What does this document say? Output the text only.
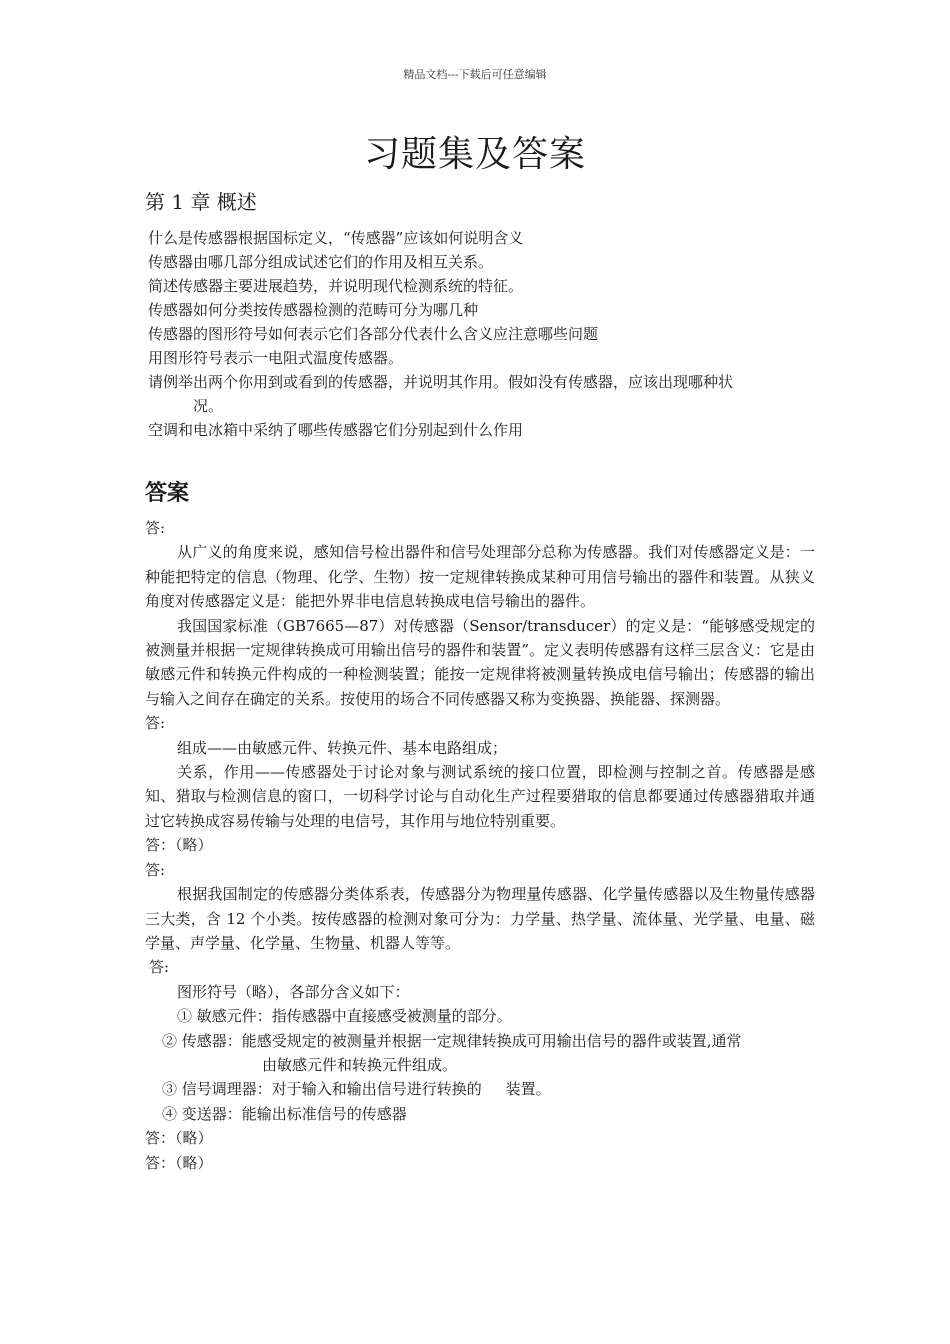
精品文档---下载后可任意编辑
习题集及答案
第 1 章 概述
什么是传感器根据国标定义，“传感器”应该如何说明含义
传感器由哪几部分组成试述它们的作用及相互关系。
简述传感器主要进展趋势，并说明现代检测系统的特征。
传感器如何分类按传感器检测的范畴可分为哪几种
传感器的图形符号如何表示它们各部分代表什么含义应注意哪些问题
用图形符号表示一电阻式温度传感器。
请例举出两个你用到或看到的传感器，并说明其作用。假如没有传感器，应该出现哪种状
况。
空调和电冰箱中采纳了哪些传感器它们分别起到什么作用
答案

答:

从广义的角度来说，感知信号检出器件和信号处理部分总称为传感器。我们对传感器定义是：一种能把特定的信息（物理、化学、生物）按一定规律转换成某种可用信号输出的器件和装置。从狭义角度对传感器定义是：能把外界非电信息转换成电信号输出的器件。

我国国家标准（GB7665—87）对传感器（Sensor/transducer）的定义是：“能够感受规定的被测量并根据一定规律转换成可用输出信号的器件和装置”。定义表明传感器有这样三层含义：它是由敏感元件和转换元件构成的一种检测装置；能按一定规律将被测量转换成电信号输出；传感器的输出与输入之间存在确定的关系。按使用的场合不同传感器又称为变换器、换能器、探测器。

答:

组成——由敏感元件、转换元件、基本电路组成；

关系，作用——传感器处于讨论对象与测试系统的接口位置，即检测与控制之首。传感器是感知、猎取与检测信息的窗口，一切科学讨论与自动化生产过程要猎取的信息都要通过传感器猎取并通过它转换成容易传输与处理的电信号，其作用与地位特别重要。

答：（略）

答:

根据我国制定的传感器分类体系表，传感器分为物理量传感器、化学量传感器以及生物量传感器三大类，含 12 个小类。按传感器的检测对象可分为：力学量、热学量、流体量、光学量、电量、磁学量、声学量、化学量、生物量、机器人等等。

答:

图形符号（略），各部分含义如下：

① 敏感元件：指传感器中直接感受被测量的部分。

② 传感器：能感受规定的被测量并根据一定规律转换成可用输出信号的器件或装置,通常

由敏感元件和转换元件组成。

③ 信号调理器：对于输入和输出信号进行转换的     装置。

④ 变送器：能输出标准信号的传感器

答：（略）

答：（略）
